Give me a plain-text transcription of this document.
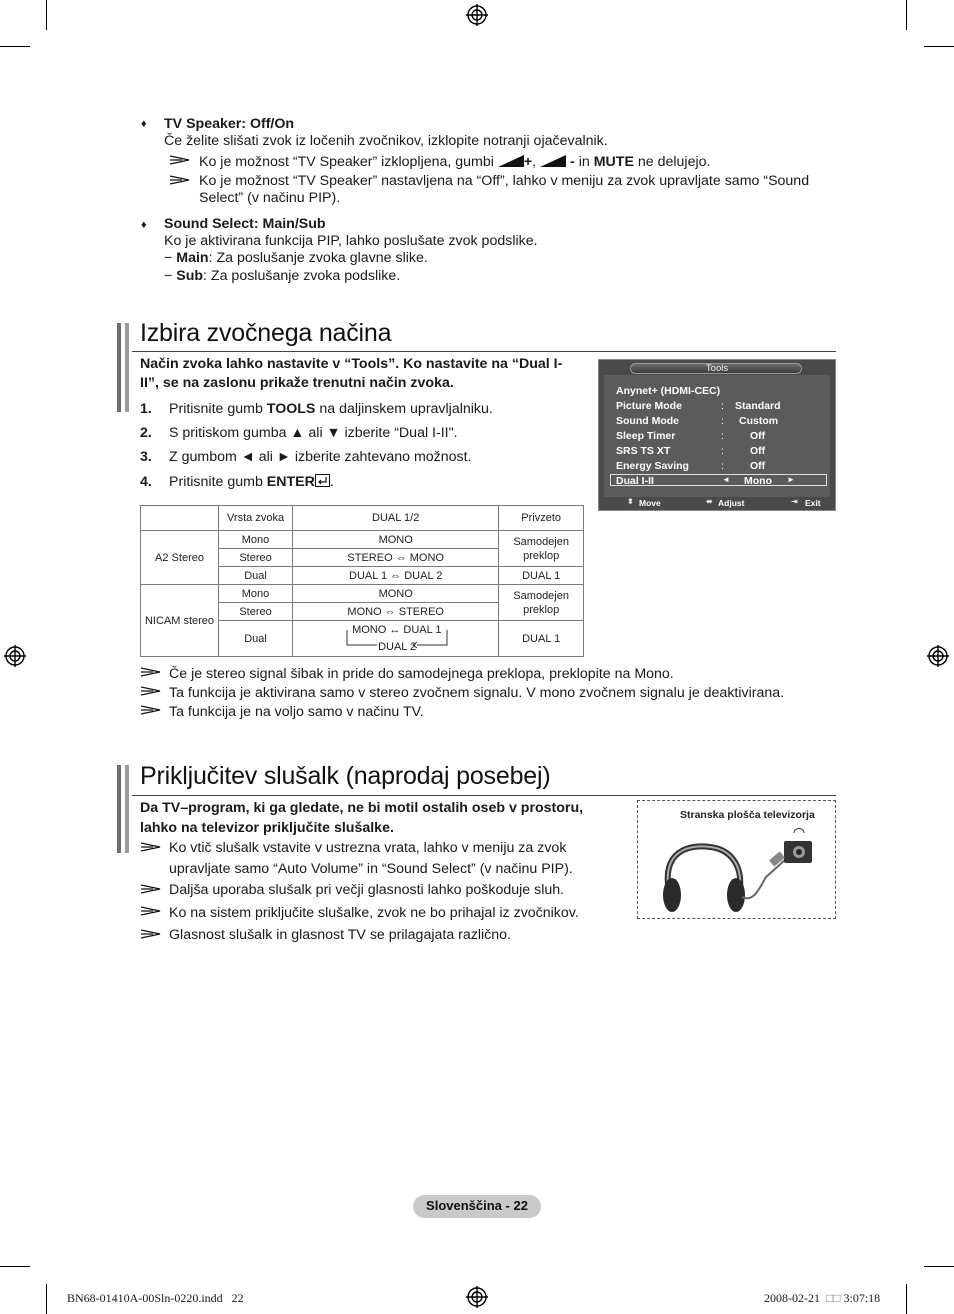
♦ TV Speaker: Off/On
Če želite slišati zvok iz ločenih zvočnikov, izklopite notranji ojačevalnik.
Ko je možnost “TV Speaker” izklopljena, gumbi +, - in MUTE ne delujejo.
Ko je možnost “TV Speaker” nastavljena na “Off”, lahko v meniju za zvok upravljate samo “Sound
Select” (v načinu PIP).
♦ Sound Select: Main/Sub
Ko je aktivirana funkcija PIP, lahko poslušate zvok podslike.
− Main: Za poslušanje zvoka glavne slike.
− Sub: Za poslušanje zvoka podslike.
Izbira zvočnega načina
Način zvoka lahko nastavite v “Tools”. Ko nastavite na “Dual I-
II”, se na zaslonu prikaže trenutni način zvoka.
1. Pritisnite gumb TOOLS na daljinskem upravljalniku.
2. S pritiskom gumba ▲ ali ▼ izberite “Dual I-II".
3. Z gumbom ◄ ali ► izberite zahtevano možnost.
4. Pritisnite gumb ENTER .
	Vrsta zvoka	DUAL 1/2	Privzeto
A2 Stereo	Mono	MONO	Samodejen preklop
	Stereo	STEREO ⇔ MONO	
	Dual	DUAL 1 ⇔ DUAL 2	DUAL 1
NICAM stereo	Mono	MONO	Samodejen preklop
	Stereo	MONO ⇔ STEREO	
	Dual	MONO ↔ DUAL 1
DUAL 2	DUAL 1
Tools
Anynet+ (HDMI-CEC)
Picture Mode	: Standard
Sound Mode	: Custom
Sleep Timer	: Off
SRS TS XT	: Off
Energy Saving	: Off
Dual I-II	◄ Mono ►
⬍ Move	⬌ Adjust	⇥ Exit
Če je stereo signal šibak in pride do samodejnega preklopa, preklopite na Mono.
Ta funkcija je aktivirana samo v stereo zvočnem signalu. V mono zvočnem signalu je deaktivirana.
Ta funkcija je na voljo samo v načinu TV.
Priključitev slušalk (naprodaj posebej)
Da TV–program, ki ga gledate, ne bi motil ostalih oseb v prostoru,
lahko na televizor priključite slušalke.
Ko vtič slušalk vstavite v ustrezna vrata, lahko v meniju za zvok
upravljate samo “Auto Volume” in “Sound Select” (v načinu PIP).
Daljša uporaba slušalk pri večji glasnosti lahko poškoduje sluh.
Ko na sistem priključite slušalke, zvok ne bo prihajal iz zvočnikov.
Glasnost slušalk in glasnost TV se prilagajata različno.
Stranska plošča televizorja
Slovenščina - 22
BN68-01410A-00Sln-0220.indd   22	2008-02-21 □□ 3:07:18
